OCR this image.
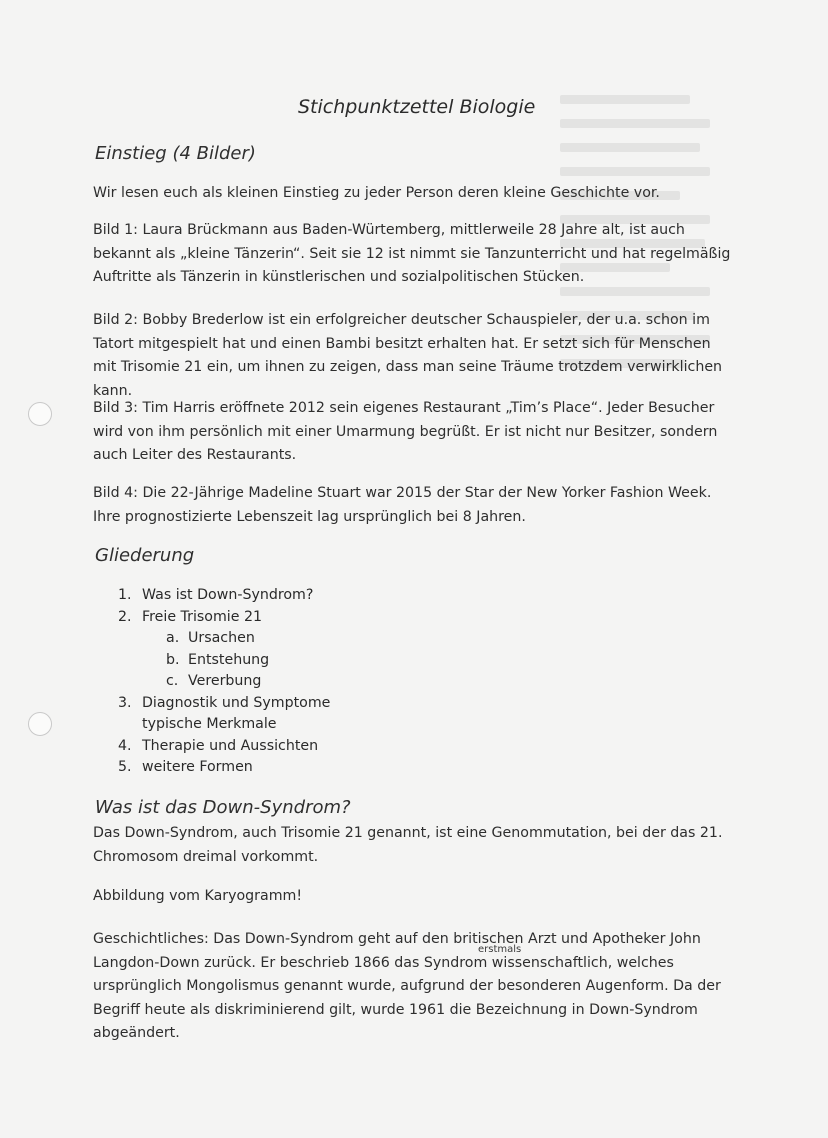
Stichpunktzettel Biologie
Einstieg (4 Bilder)

Wir lesen euch als kleinen Einstieg zu jeder Person deren kleine Geschichte vor.

Bild 1: Laura Brückmann aus Baden-Würtemberg, mittlerweile 28 Jahre alt, ist auch bekannt als „kleine Tänzerin“. Seit sie 12 ist nimmt sie Tanzunterricht und hat regelmäßig Auftritte als Tänzerin in künstlerischen und sozialpolitischen Stücken.

Bild 2: Bobby Brederlow ist ein erfolgreicher deutscher Schauspieler, der u.a. schon im Tatort mitgespielt hat und einen Bambi besitzt erhalten hat. Er setzt sich für Menschen mit Trisomie 21 ein, um ihnen zu zeigen, dass man seine Träume trotzdem verwirklichen kann.

Bild 3: Tim Harris eröffnete 2012 sein eigenes Restaurant „Tim’s Place“. Jeder Besucher wird von ihm persönlich mit einer Umarmung begrüßt. Er ist nicht nur Besitzer, sondern auch Leiter des Restaurants.

Bild 4: Die 22-Jährige Madeline Stuart war 2015 der Star der New Yorker Fashion Week. Ihre prognostizierte Lebenszeit lag ursprünglich bei 8 Jahren.

Gliederung
1. Was ist Down-Syndrom?
2. Freie Trisomie 21
a. Ursachen
b. Entstehung
c. Vererbung
3. Diagnostik und Symptome
typische Merkmale
4. Therapie und Aussichten
5. weitere Formen
Was ist das Down-Syndrom?

Das Down-Syndrom, auch Trisomie 21 genannt, ist eine Genommutation, bei der das 21. Chromosom dreimal vorkommt.

Abbildung vom Karyogramm!

erstmals

Geschichtliches: Das Down-Syndrom geht auf den britischen Arzt und Apotheker John Langdon-Down zurück. Er beschrieb 1866 das Syndrom wissenschaftlich, welches ursprünglich Mongolismus genannt wurde, aufgrund der besonderen Augenform. Da der Begriff heute als diskriminierend gilt, wurde 1961 die Bezeichnung in Down-Syndrom abgeändert.
